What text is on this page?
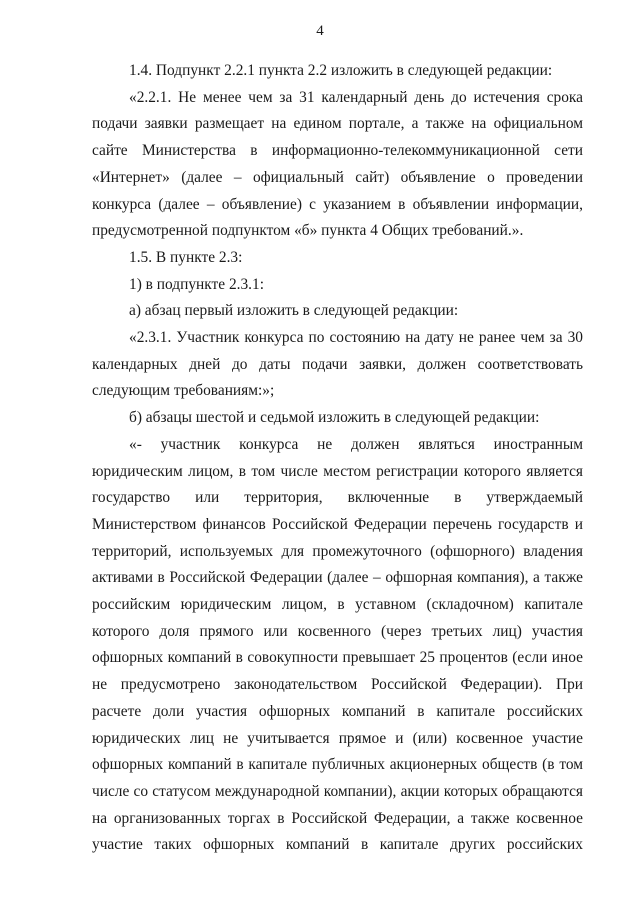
4

1.4. Подпункт 2.2.1 пункта 2.2 изложить в следующей редакции:

«2.2.1. Не менее чем за 31 календарный день до истечения срока подачи заявки размещает на едином портале, а также на официальном сайте Министерства в информационно-телекоммуникационной сети «Интернет» (далее – официальный сайт) объявление о проведении конкурса (далее – объявление) с указанием в объявлении информации, предусмотренной подпунктом «б» пункта 4 Общих требований.».

1.5. В пункте 2.3:

1) в подпункте 2.3.1:

а) абзац первый изложить в следующей редакции:

«2.3.1. Участник конкурса по состоянию на дату не ранее чем за 30 календарных дней до даты подачи заявки, должен соответствовать следующим требованиям:»;

б) абзацы шестой и седьмой изложить в следующей редакции:

«- участник конкурса не должен являться иностранным юридическим лицом, в том числе местом регистрации которого является государство или территория, включенные в утверждаемый Министерством финансов Российской Федерации перечень государств и территорий, используемых для промежуточного (офшорного) владения активами в Российской Федерации (далее – офшорная компания), а также российским юридическим лицом, в уставном (складочном) капитале которого доля прямого или косвенного (через третьих лиц) участия офшорных компаний в совокупности превышает 25 процентов (если иное не предусмотрено законодательством Российской Федерации). При расчете доли участия офшорных компаний в капитале российских юридических лиц не учитывается прямое и (или) косвенное участие офшорных компаний в капитале публичных акционерных обществ (в том числе со статусом международной компании), акции которых обращаются на организованных торгах в Российской Федерации, а также косвенное участие таких офшорных компаний в капитале других российских
